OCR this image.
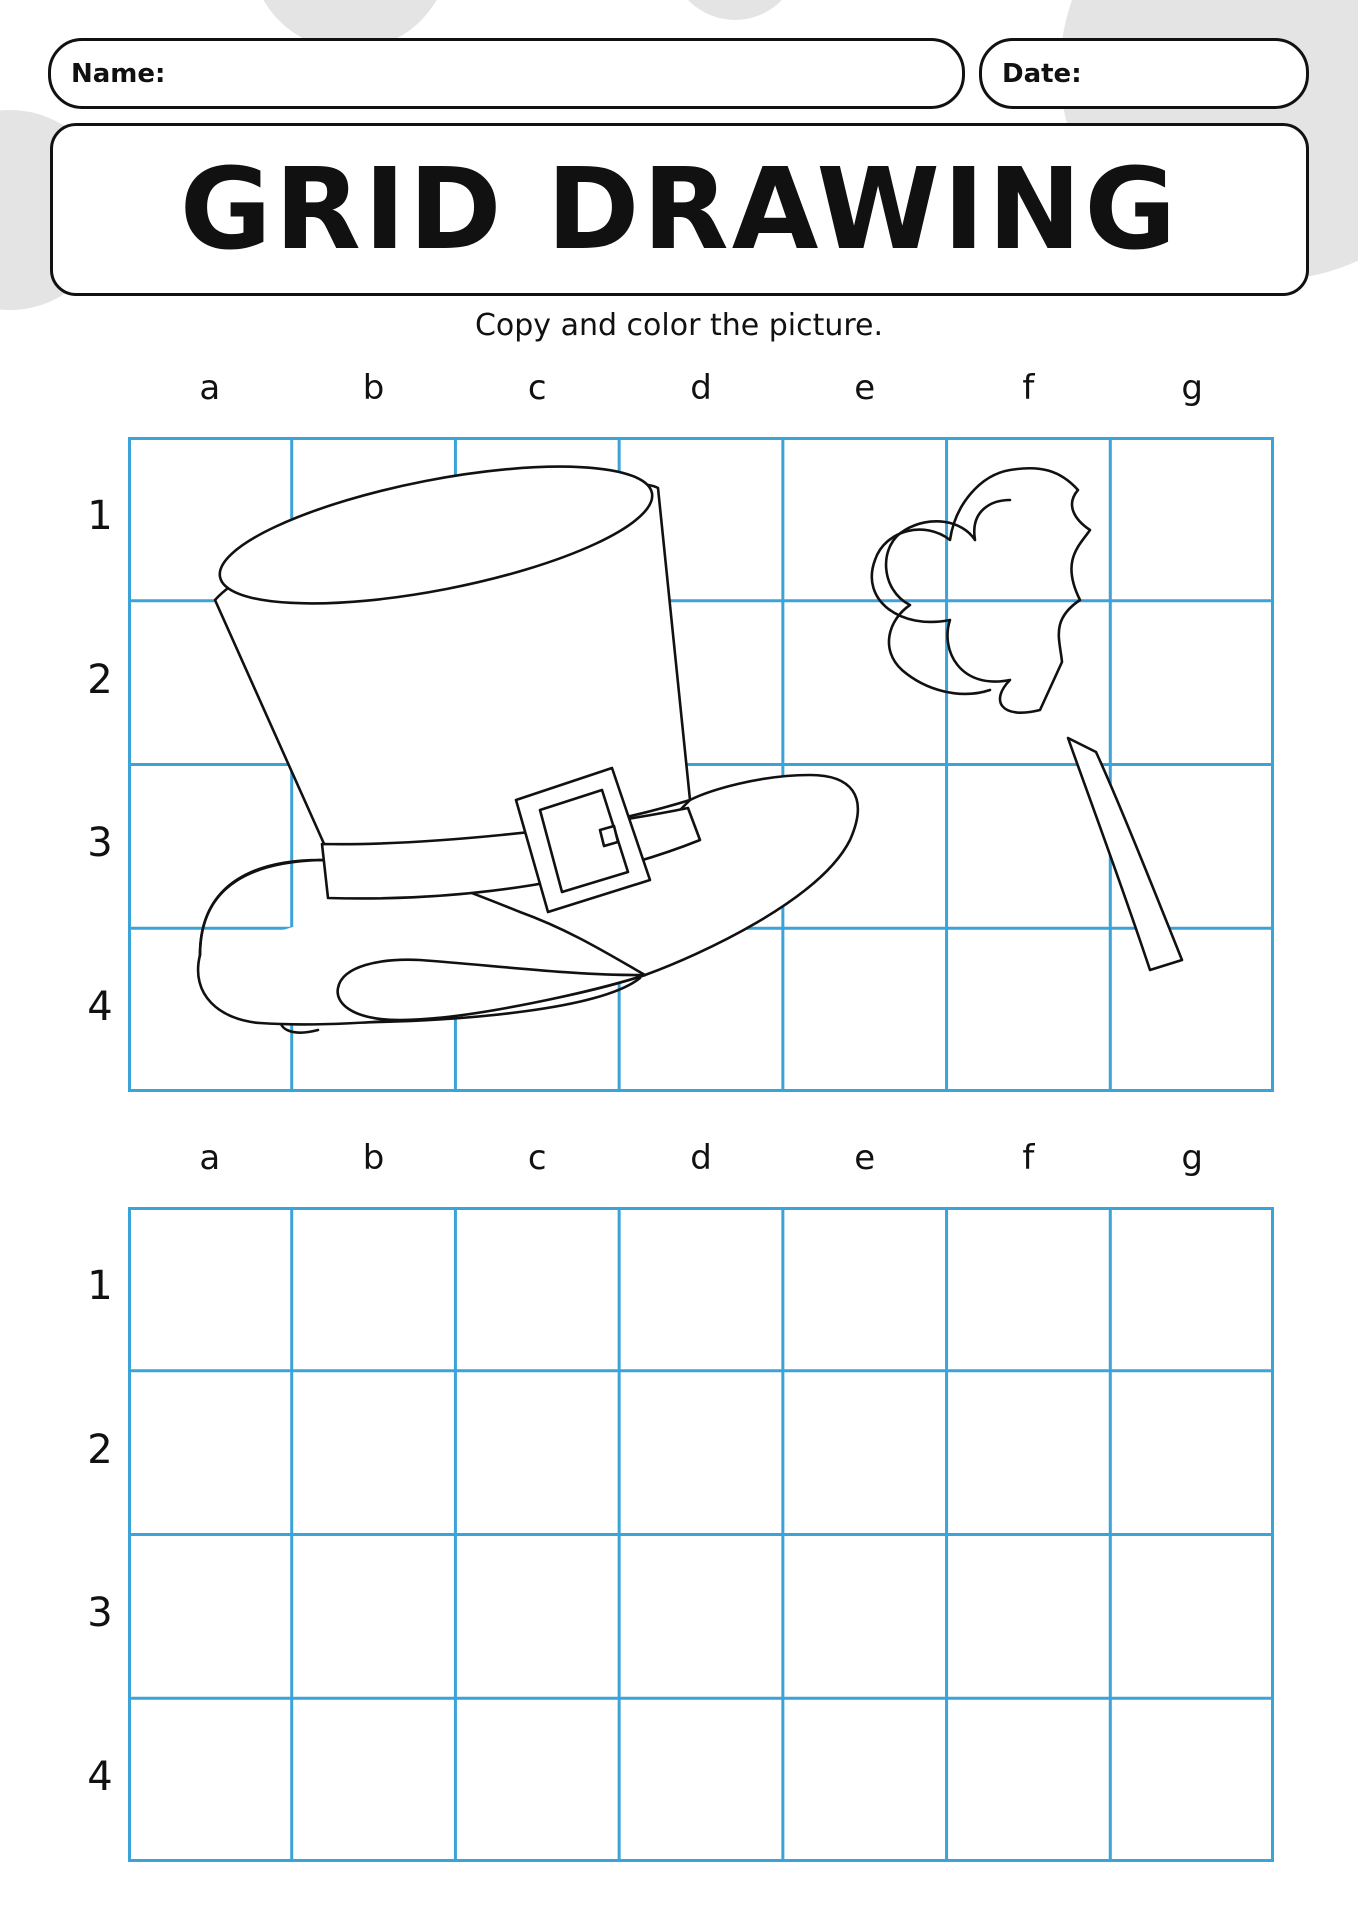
Name:	Date:
GRID DRAWING
Copy and color the picture.
a	b	c	d	e	f	g
1
2
3
4
a	b	c	d	e	f	g
1
2
3
4
